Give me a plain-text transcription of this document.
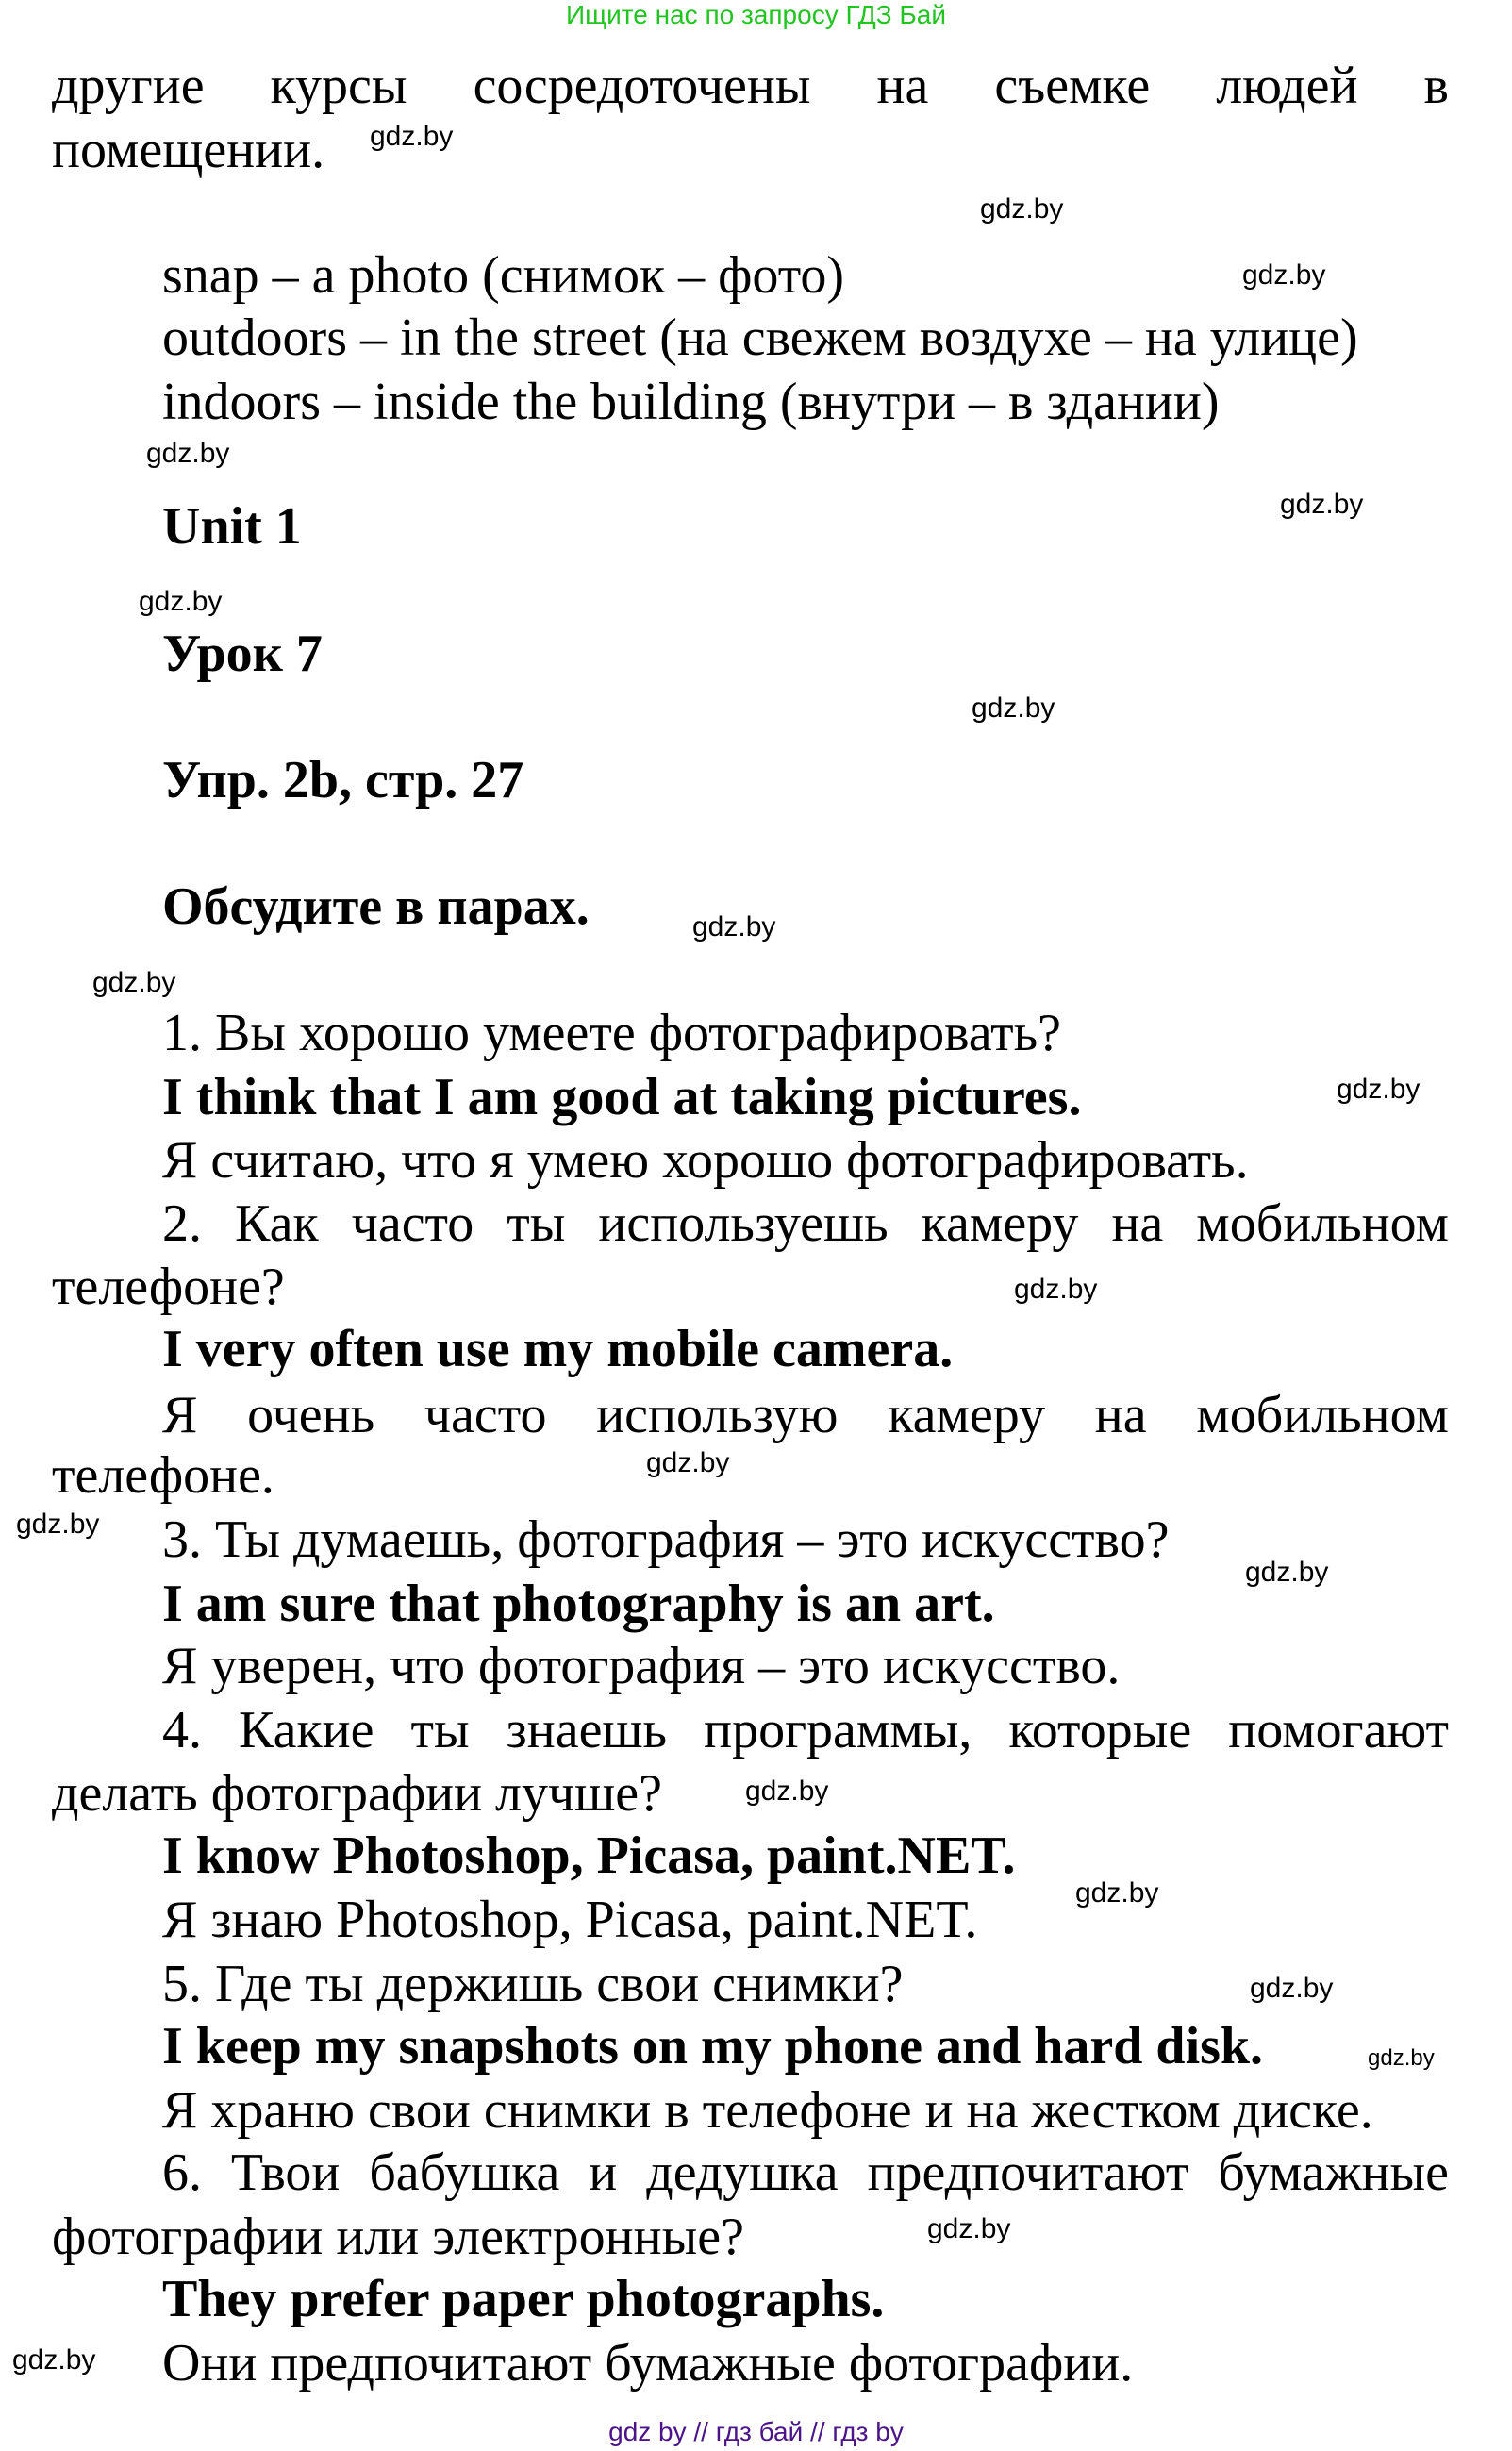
Ищите нас по запросу ГДЗ Бай
другие курсы сосредоточены на съемке людей в
помещении.
snap – a photo (снимок – фото)
outdoors – in the street (на свежем воздухе – на улице)
indoors – inside the building (внутри – в здании)
Unit 1
Урок 7
Упр. 2b, стр. 27
Обсудите в парах.
1. Вы хорошо умеете фотографировать?
I think that I am good at taking pictures.
Я считаю, что я умею хорошо фотографировать.
2. Как часто ты используешь камеру на мобильном
телефоне?
I very often use my mobile camera.
Я очень часто использую камеру на мобильном
телефоне.
3. Ты думаешь, фотография – это искусство?
I am sure that photography is an art.
Я уверен, что фотография – это искусство.
4. Какие ты знаешь программы, которые помогают
делать фотографии лучше?
I know Photoshop, Picasa, paint.NET.
Я знаю Photoshop, Picasa, paint.NET.
5. Где ты держишь свои снимки?
I keep my snapshots on my phone and hard disk.
Я храню свои снимки в телефоне и на жестком диске.
6. Твои бабушка и дедушка предпочитают бумажные
фотографии или электронные?
They prefer paper photographs.
Они предпочитают бумажные фотографии.
gdz.by
gdz.by
gdz.by
gdz.by
gdz.by
gdz.by
gdz.by
gdz.by
gdz.by
gdz.by
gdz.by
gdz.by
gdz.by
gdz.by
gdz.by
gdz.by
gdz.by
gdz.by
gdz.by
gdz.by
gdz by // гдз бай // гдз by
